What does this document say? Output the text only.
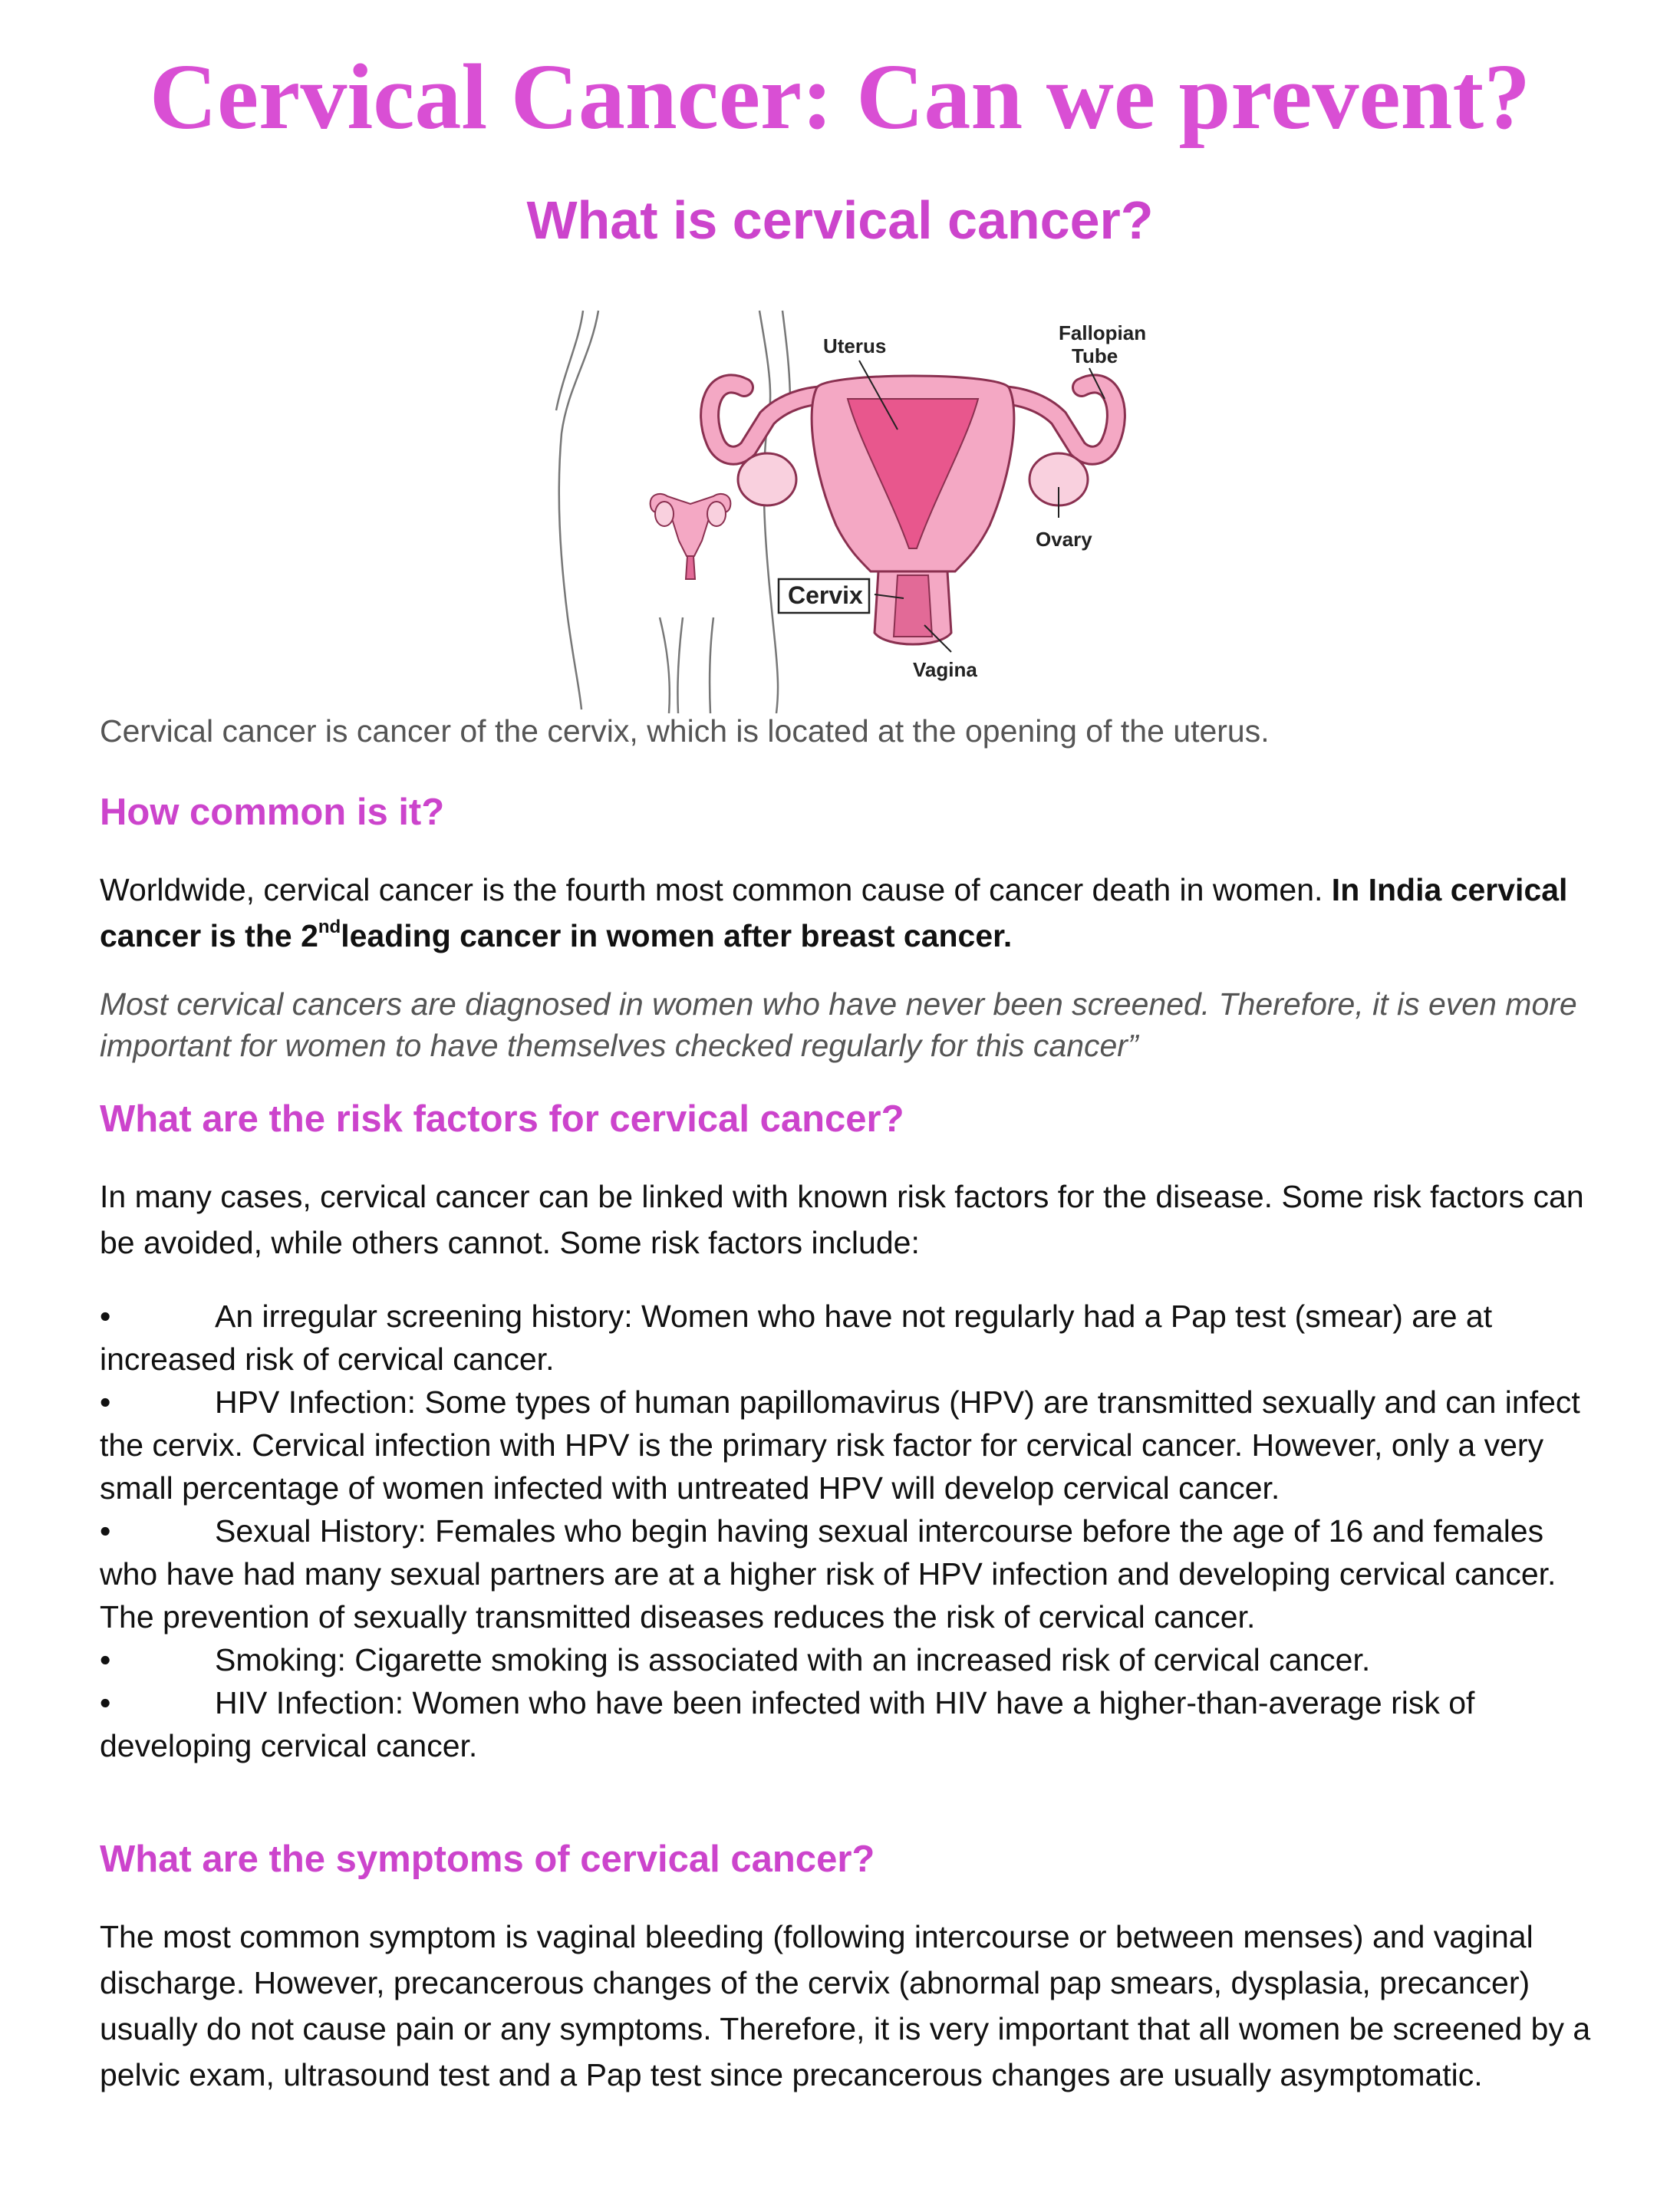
Cervical Cancer: Can we prevent?
What is cervical cancer?
Uterus
Fallopian
Tube
Cervix
Ovary
Vagina

Cervical cancer is cancer of the cervix, which is located at the opening of the uterus.

How common is it?

Worldwide, cervical cancer is the fourth most common cause of cancer death in women. In India cervical cancer is the 2ndleading cancer in women after breast cancer.

Most cervical cancers are diagnosed in women who have never been screened. Therefore, it is even more important for women to have themselves checked regularly for this cancer”

What are the risk factors for cervical cancer?

In many cases, cervical cancer can be linked with known risk factors for the disease. Some risk factors can be avoided, while others cannot. Some risk factors include:

•	An irregular screening history: Women who have not regularly had a Pap test (smear) are at increased risk of cervical cancer.
•	HPV Infection: Some types of human papillomavirus (HPV) are transmitted sexually and can infect the cervix. Cervical infection with HPV is the primary risk factor for cervical cancer. However, only a very small percentage of women infected with untreated HPV will develop cervical cancer.
•	Sexual History: Females who begin having sexual intercourse before the age of 16 and females who have had many sexual partners are at a higher risk of HPV infection and developing cervical cancer. The prevention of sexually transmitted diseases reduces the risk of cervical cancer.
•	Smoking: Cigarette smoking is associated with an increased risk of cervical cancer.
•	HIV Infection: Women who have been infected with HIV have a higher-than-average risk of developing cervical cancer.
What are the symptoms of cervical cancer?

The most common symptom is vaginal bleeding (following intercourse or between menses) and vaginal discharge. However, precancerous changes of the cervix (abnormal pap smears, dysplasia, precancer) usually do not cause pain or any symptoms. Therefore, it is very important that all women be screened by a pelvic exam, ultrasound test and a Pap test since precancerous changes are usually asymptomatic.
